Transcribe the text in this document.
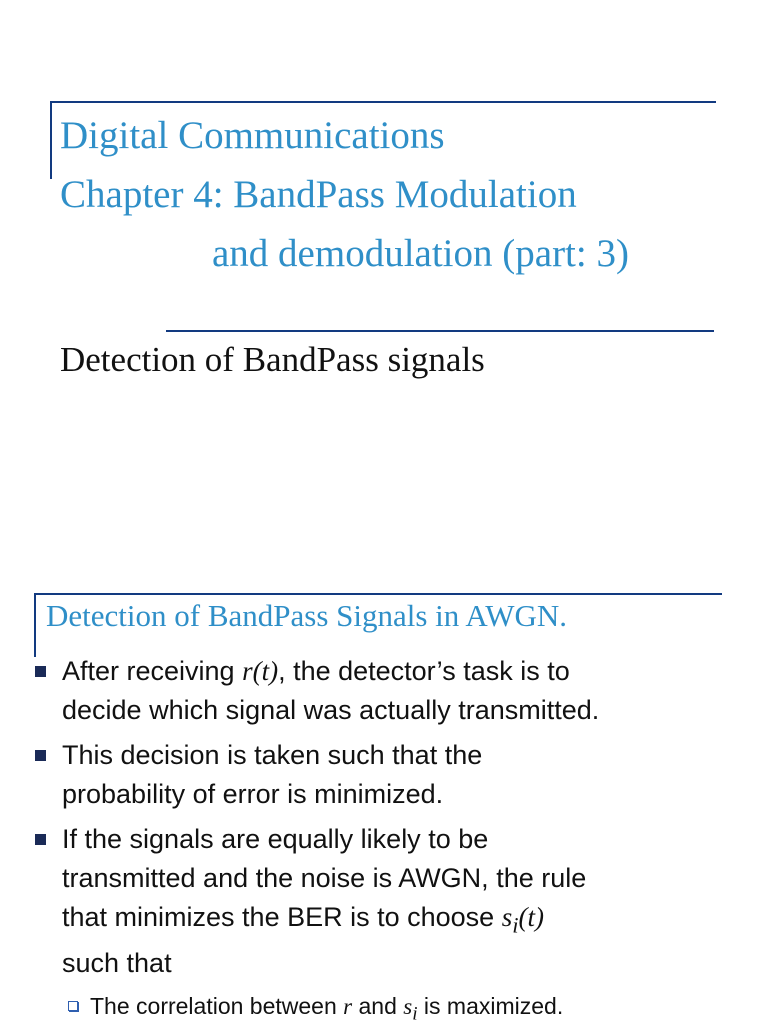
Digital Communications
Chapter 4: BandPass Modulation
and demodulation (part: 3)
Detection of BandPass signals
Detection of BandPass Signals in AWGN.
After receiving r(t), the detector’s task is to
decide which signal was actually transmitted.
This decision is taken such that the
probability of error is minimized.
If the signals are equally likely to be
transmitted and the noise is AWGN, the rule
that minimizes the BER is to choose $s_i(t)$
such that
The correlation between r and $s_i$ is maximized.
